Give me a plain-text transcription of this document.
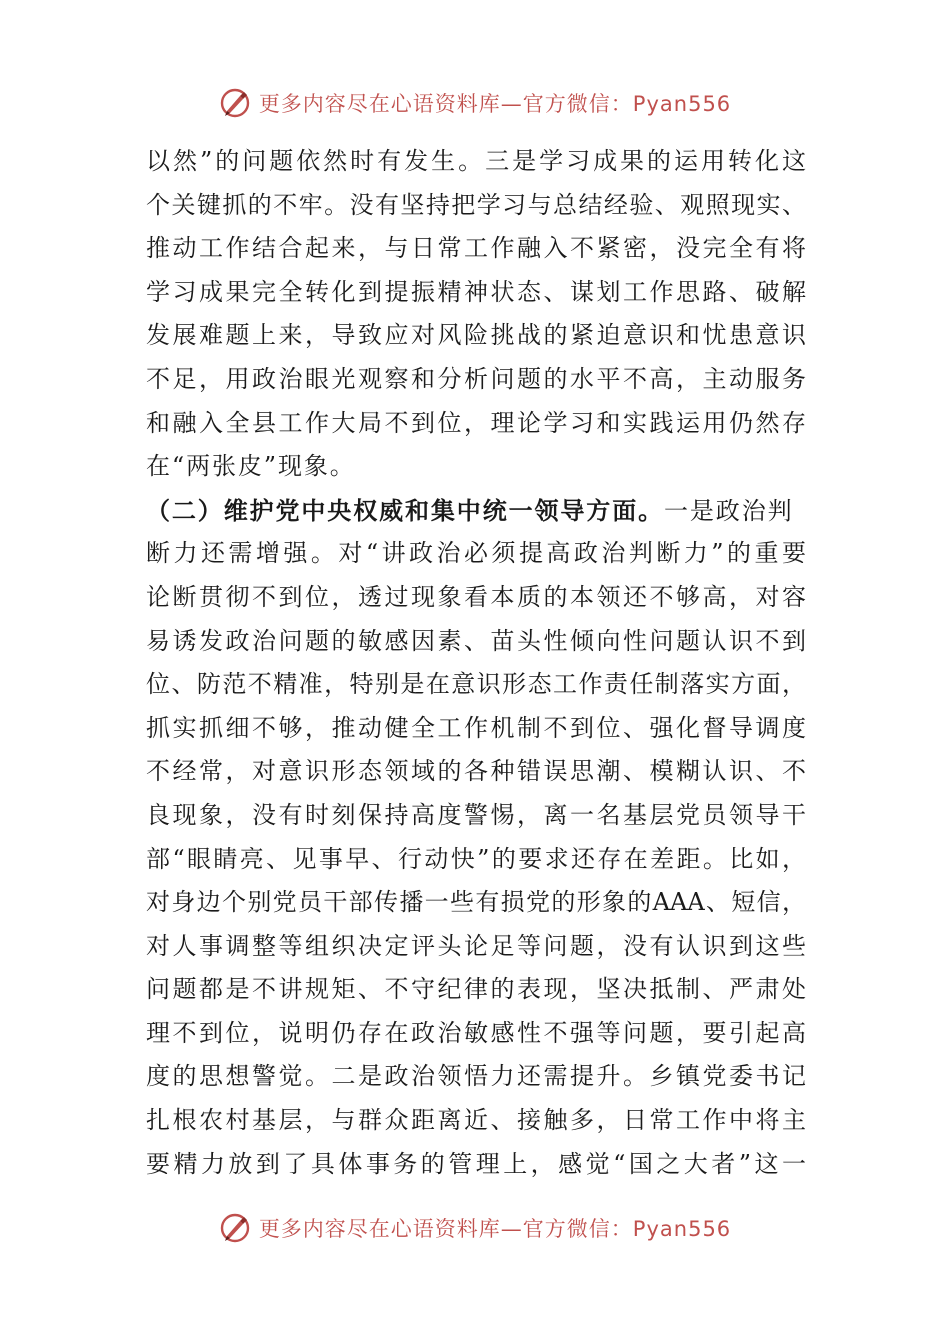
更多内容尽在心语资料库—官方微信：Pyan556
以然”的问题依然时有发生。三是学习成果的运用转化这
个关键抓的不牢。没有坚持把学习与总结经验、观照现实、
推动工作结合起来，与日常工作融入不紧密，没完全有将
学习成果完全转化到提振精神状态、谋划工作思路、破解
发展难题上来，导致应对风险挑战的紧迫意识和忧患意识
不足，用政治眼光观察和分析问题的水平不高，主动服务
和融入全县工作大局不到位，理论学习和实践运用仍然存
在“两张皮”现象。
（二）维护党中央权威和集中统一领导方面。一是政治判
断力还需增强。对“讲政治必须提高政治判断力”的重要
论断贯彻不到位，透过现象看本质的本领还不够高，对容
易诱发政治问题的敏感因素、苗头性倾向性问题认识不到
位、防范不精准，特别是在意识形态工作责任制落实方面，
抓实抓细不够，推动健全工作机制不到位、强化督导调度
不经常，对意识形态领域的各种错误思潮、模糊认识、不
良现象，没有时刻保持高度警惕，离一名基层党员领导干
部“眼睛亮、见事早、行动快”的要求还存在差距。比如，
对身边个别党员干部传播一些有损党的形象的AAA、短信，
对人事调整等组织决定评头论足等问题，没有认识到这些
问题都是不讲规矩、不守纪律的表现，坚决抵制、严肃处
理不到位，说明仍存在政治敏感性不强等问题，要引起高
度的思想警觉。二是政治领悟力还需提升。乡镇党委书记
扎根农村基层，与群众距离近、接触多，日常工作中将主
要精力放到了具体事务的管理上，感觉“国之大者”这一
更多内容尽在心语资料库—官方微信：Pyan556
